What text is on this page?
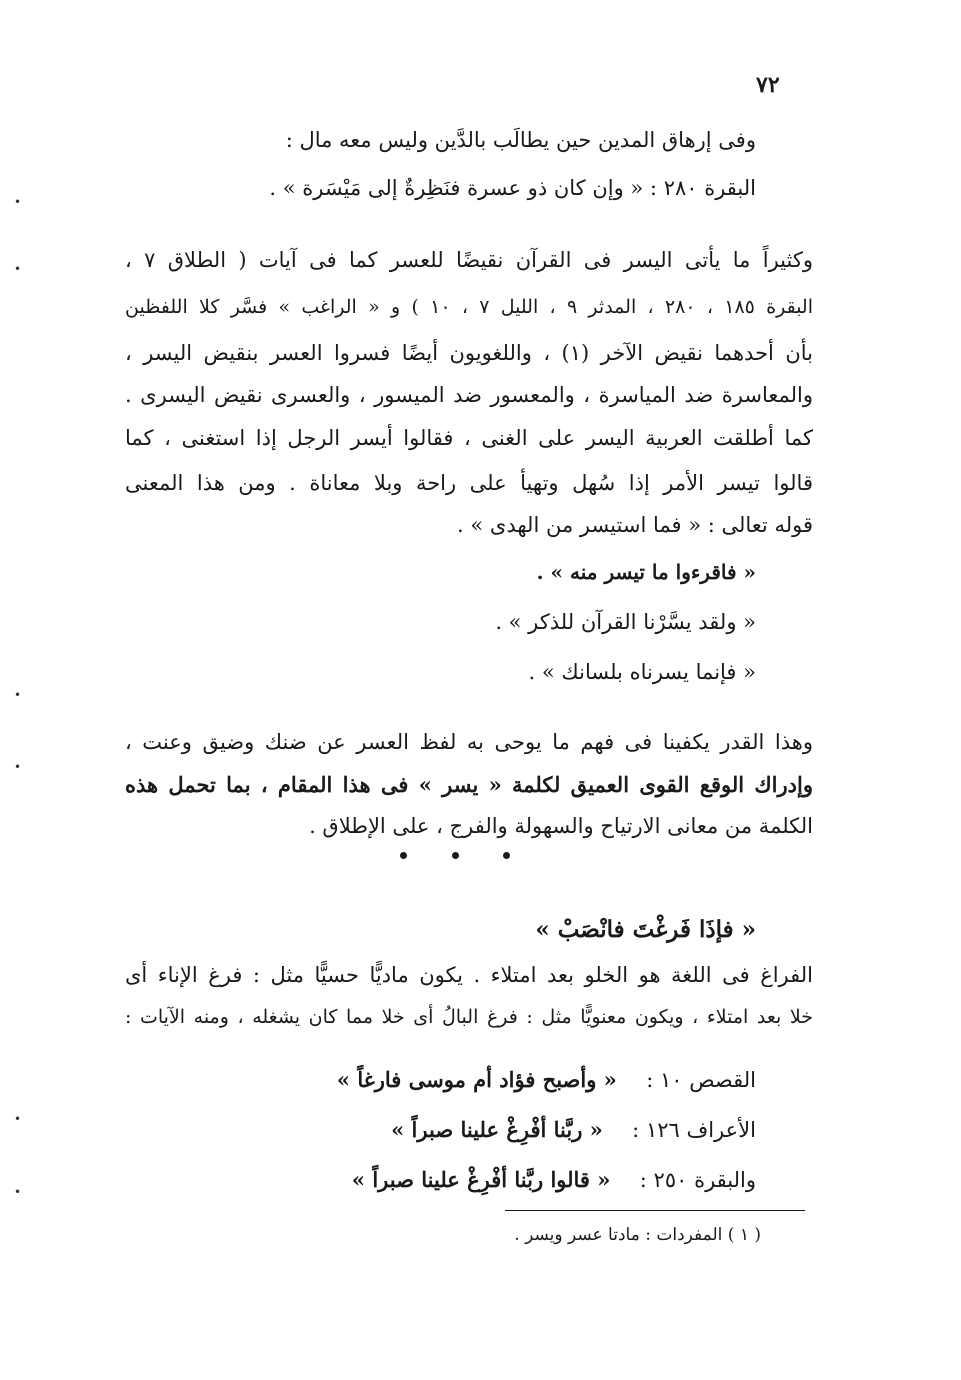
٧٢
وفى إرهاق المدين حين يطالَب بالدَّين وليس معه مال :
البقرة ٢٨٠ : « وإن كان ذو عسرة فنَظِرةٌ إلى مَيْسَرة » .
وكثيراً ما يأتى اليسر فى القرآن نقيضًا للعسر كما فى آيات ( الطلاق ٧ ،
البقرة ١٨٥ ، ٢٨٠ ، المدثر ٩ ، الليل ٧ ، ١٠ ) و « الراغب » فسَّر كلا اللفظين
بأن أحدهما نقيض الآخر (١) ، واللغويون أيضًا فسروا العسر بنقيض اليسر ،
والمعاسرة ضد المياسرة ، والمعسور ضد الميسور ، والعسرى نقيض اليسرى .
كما أطلقت العربية اليسر على الغنى ، فقالوا أيسر الرجل إذا استغنى ، كما
قالوا تيسر الأمر إذا سُهل وتهيأ على راحة وبلا معاناة . ومن هذا المعنى
قوله تعالى : « فما استيسر من الهدى » .
« فاقرءوا ما تيسر منه » .
« ولقد يسَّرْنا القرآن للذكر » .
« فإنما يسرناه بلسانك » .
وهذا القدر يكفينا فى فهم ما يوحى به لفظ العسر عن ضنك وضيق وعنت ،
وإدراك الوقع القوى العميق لكلمة « يسر » فى هذا المقام ، بما تحمل هذه
الكلمة من معانى الارتياح والسهولة والفرج ، على الإطلاق .
« فإذَا فَرغْتَ فانْصَبْ »
الفراغ فى اللغة هو الخلو بعد امتلاء . يكون ماديًّا حسيًّا مثل : فرغ الإناء أى
خلا بعد امتلاء ، ويكون معنويًّا مثل : فرغ البالُ أى خلا مما كان يشغله ، ومنه الآيات :
القصص ١٠ :  « وأصبح فؤاد أم موسى فارغاً »
الأعراف ١٢٦ :  « ربَّنا أفْرِغْ علينا صبراً »
والبقرة ٢٥٠ :  « قالوا ربَّنا أفْرِغْ علينا صبراً »
( ١ ) المفردات : مادتا عسر ويسر .
•
•
•
•
•
•
